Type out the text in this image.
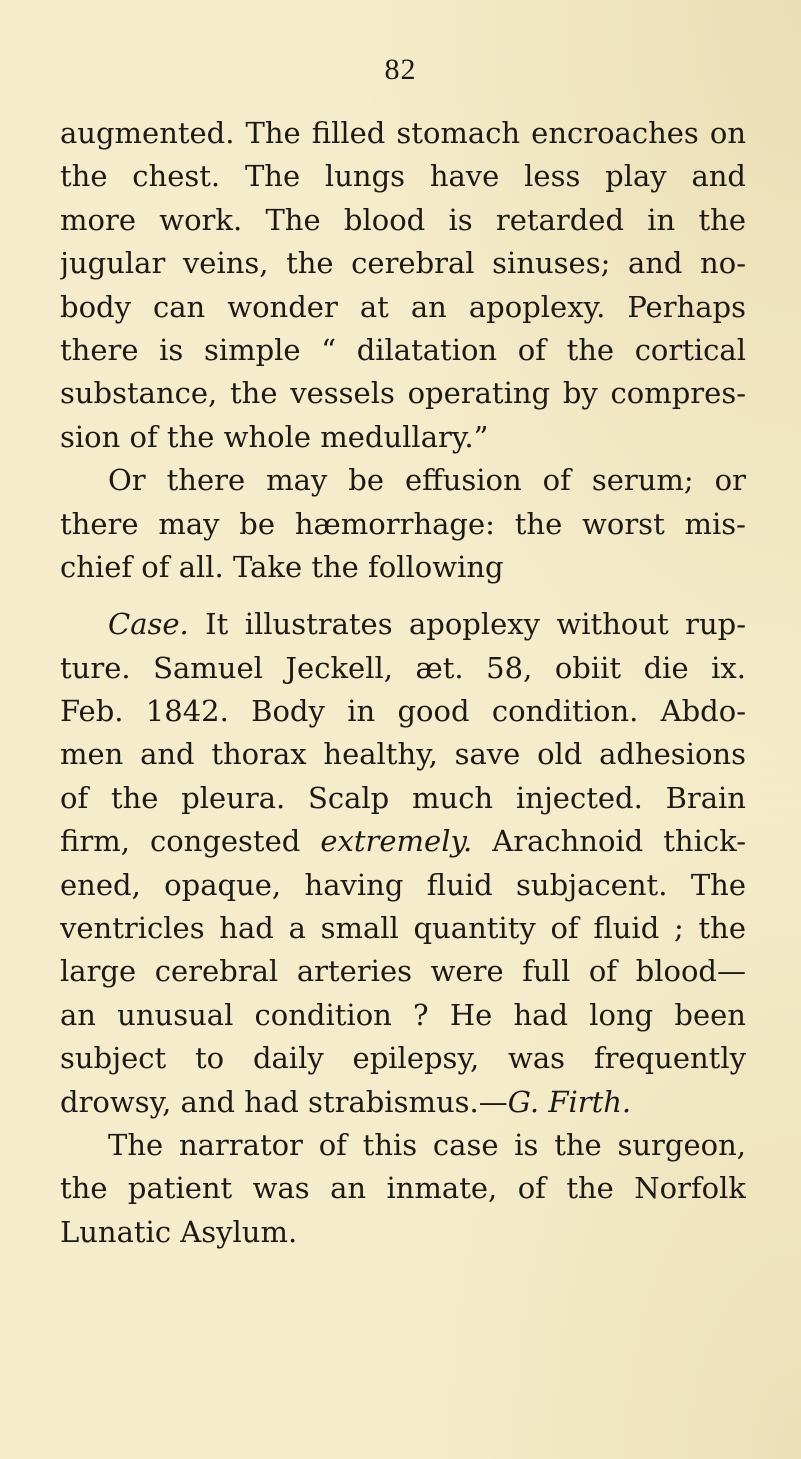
82
augmented. The filled stomach encroaches on
the chest. The lungs have less play and
more work. The blood is retarded in the
jugular veins, the cerebral sinuses; and no-
body can wonder at an apoplexy. Perhaps
there is simple “ dilatation of the cortical
substance, the vessels operating by compres-
sion of the whole medullary.”
Or there may be effusion of serum; or
there may be hæmorrhage: the worst mis-
chief of all. Take the following
Case. It illustrates apoplexy without rup-
ture. Samuel Jeckell, æt. 58, obiit die ix.
Feb. 1842. Body in good condition. Abdo-
men and thorax healthy, save old adhesions
of the pleura. Scalp much injected. Brain
firm, congested extremely. Arachnoid thick-
ened, opaque, having fluid subjacent. The
ventricles had a small quantity of fluid ; the
large cerebral arteries were full of blood—
an unusual condition ? He had long been
subject to daily epilepsy, was frequently
drowsy, and had strabismus.—G. Firth.
The narrator of this case is the surgeon,
the patient was an inmate, of the Norfolk
Lunatic Asylum.
